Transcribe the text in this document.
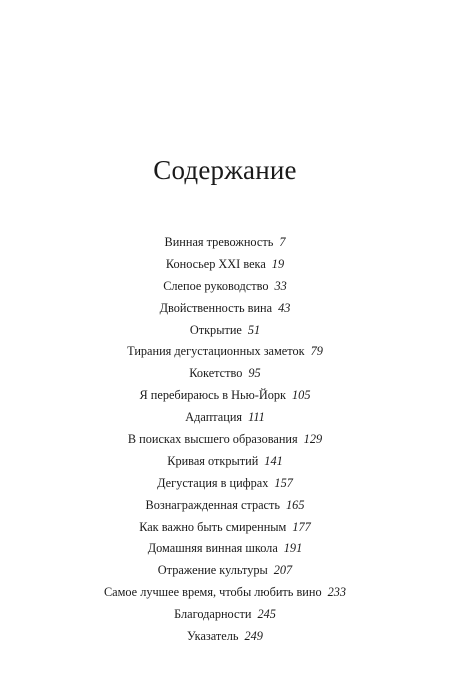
Содержание
Винная тревожность 7
Коносьер XXI века 19
Слепое руководство 33
Двойственность вина 43
Открытие 51
Тирания дегустационных заметок 79
Кокетство 95
Я перебираюсь в Нью-Йорк 105
Адаптация 111
В поисках высшего образования 129
Кривая открытий 141
Дегустация в цифрах 157
Вознагражденная страсть 165
Как важно быть смиренным 177
Домашняя винная школа 191
Отражение культуры 207
Самое лучшее время, чтобы любить вино 233
Благодарности 245
Указатель 249
